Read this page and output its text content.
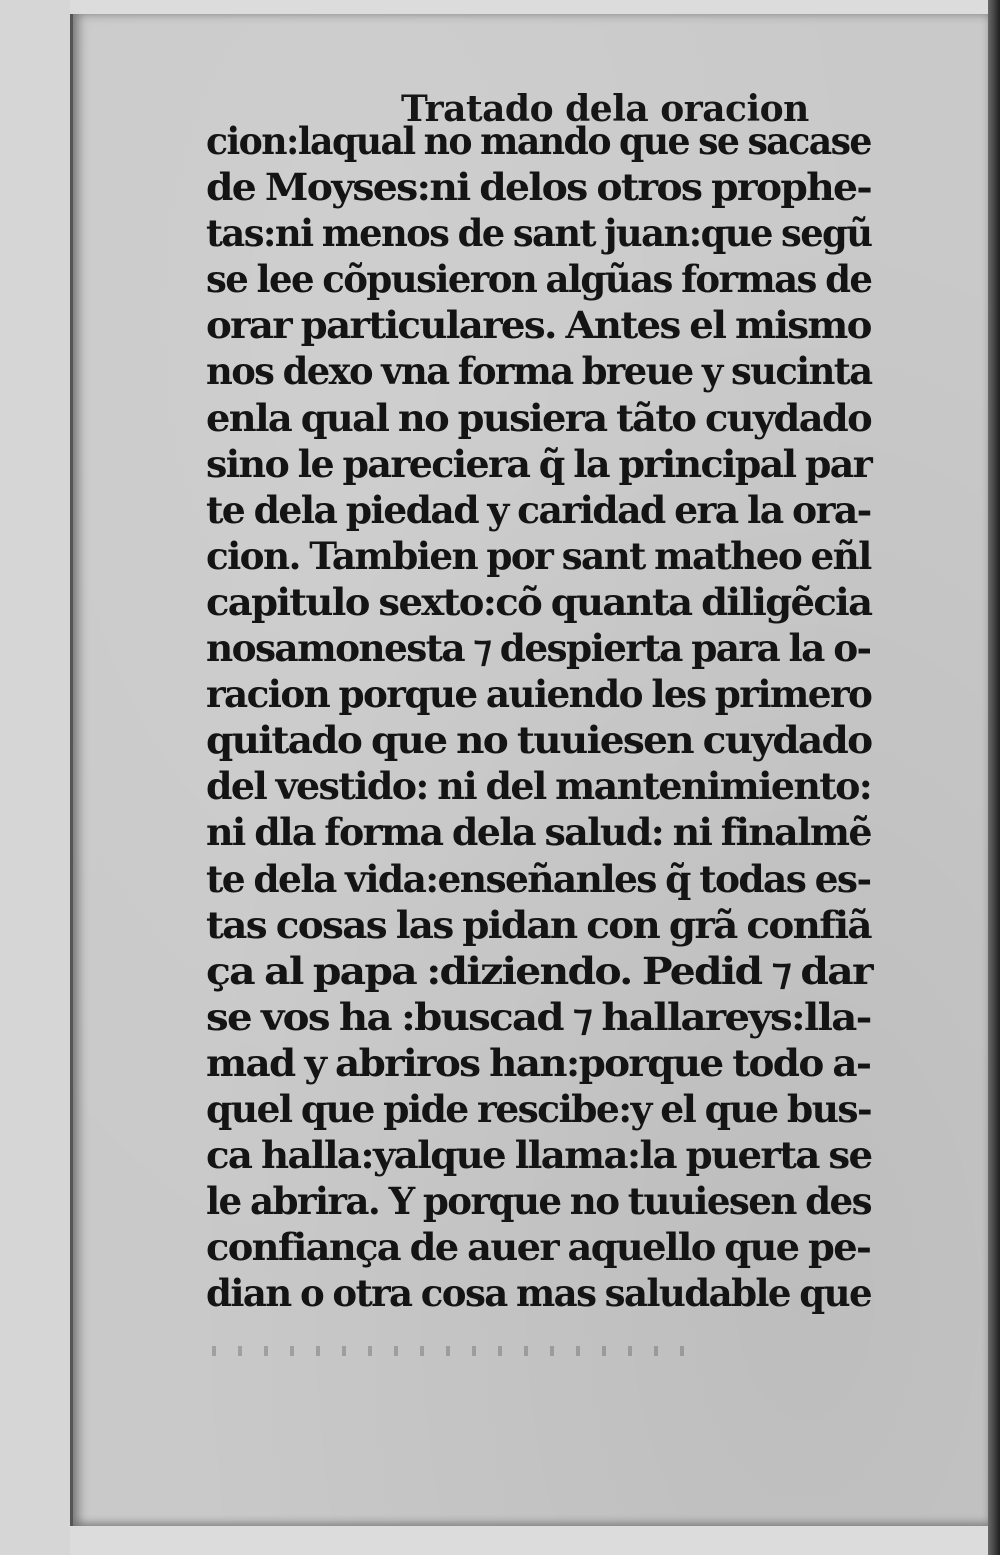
Tratado dela oracion
cion:laqual no mando que se sacase
de Moyses:ni delos otros prophe-
tas:ni menos de sant juan:que segũ
se lee cõpusieron algũas formas de
orar particulares. Antes el mismo
nos dexo vna forma breue y sucinta
enla qual no pusiera tãto cuydado
sino le pareciera q̃ la principal par
te dela piedad y caridad era la ora-
cion. Tambien por sant matheo eñl
capitulo sexto:cõ quanta diligẽcia
nosamonesta ⁊ despierta para la o-
racion porque auiendo les primero
quitado que no tuuiesen cuydado
del vestido: ni del mantenimiento:
ni dla forma dela salud: ni finalmẽ
te dela vida:enseñanles q̃ todas es-
tas cosas las pidan con grã confiã
ça al papa :diziendo. Pedid ⁊ dar
se vos ha :buscad ⁊ hallareys:lla-
mad y abriros han:porque todo a-
quel que pide rescibe:y el que bus-
ca halla:yalque llama:la puerta se
le abrira. Y porque no tuuiesen des
confiança de auer aquello que pe-
dian o otra cosa mas saludable que
